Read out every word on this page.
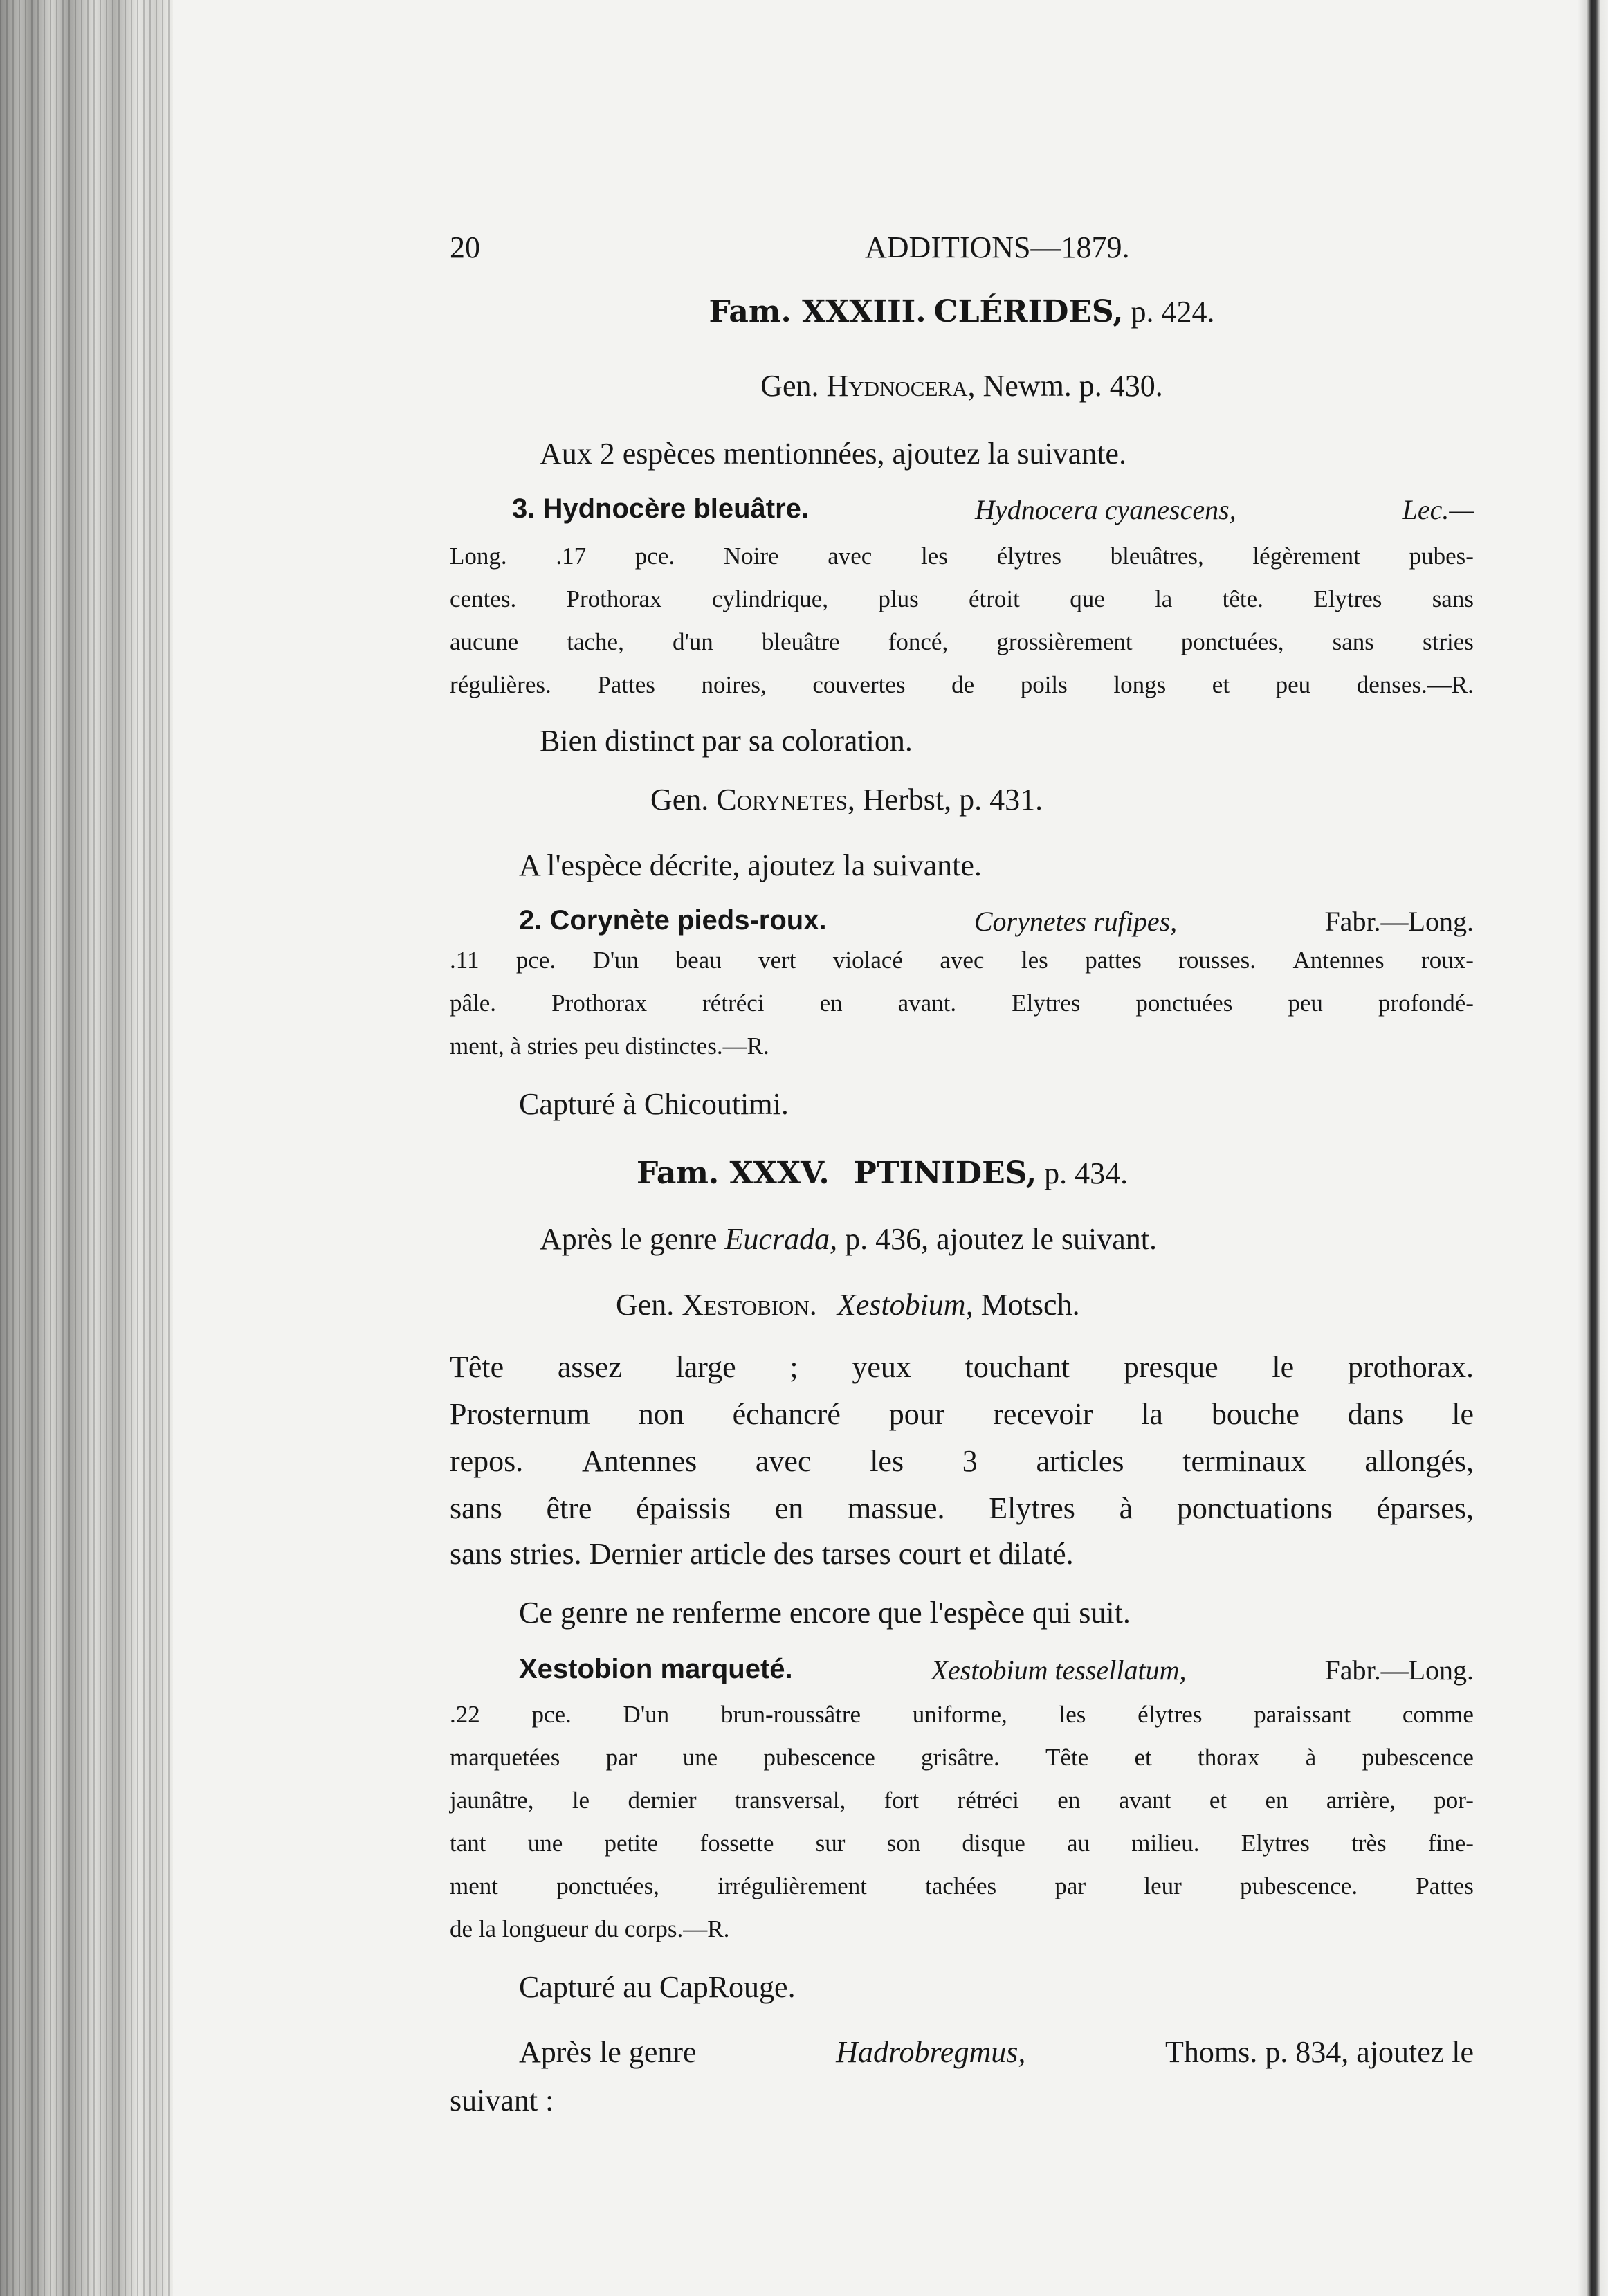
20	ADDITIONS—1879.
Fam. XXXIII. CLÉRIDES, p. 424.
Gen. Hydnocera, Newm. p. 430.
Aux 2 espèces mentionnées, ajoutez la suivante.
3. Hydnocère bleuâtre.	Hydnocera cyanescens,	Lec.—
Long. .17 pce. Noire avec les élytres bleuâtres, légèrement pubes-
centes. Prothorax cylindrique, plus étroit que la tête. Elytres sans
aucune tache, d'un bleuâtre foncé, grossièrement ponctuées, sans stries
régulières. Pattes noires, couvertes de poils longs et peu denses.—R.
Bien distinct par sa coloration.
Gen. Corynetes, Herbst, p. 431.
A l'espèce décrite, ajoutez la suivante.
2. Corynète pieds-roux.	Corynetes rufipes,	Fabr.—Long.
.11 pce. D'un beau vert violacé avec les pattes rousses. Antennes roux-
pâle. Prothorax rétréci en avant. Elytres ponctuées peu profondé-
ment, à stries peu distinctes.—R.
Capturé à Chicoutimi.
Fam. XXXV. PTINIDES, p. 434.
Après le genre Eucrada, p. 436, ajoutez le suivant.
Gen. Xestobion. Xestobium, Motsch.
Tête assez large ; yeux touchant presque le prothorax.
Prosternum non échancré pour recevoir la bouche dans le
repos. Antennes avec les 3 articles terminaux allongés,
sans être épaissis en massue. Elytres à ponctuations éparses,
sans stries. Dernier article des tarses court et dilaté.
Ce genre ne renferme encore que l'espèce qui suit.
Xestobion marqueté.	Xestobium tessellatum,	Fabr.—Long.
.22 pce. D'un brun-roussâtre uniforme, les élytres paraissant comme
marquetées par une pubescence grisâtre. Tête et thorax à pubescence
jaunâtre, le dernier transversal, fort rétréci en avant et en arrière, por-
tant une petite fossette sur son disque au milieu. Elytres très fine-
ment ponctuées, irrégulièrement tachées par leur pubescence. Pattes
de la longueur du corps.—R.
Capturé au CapRouge.
Après le genre	Hadrobregmus,	Thoms. p. 834, ajoutez le
suivant :
